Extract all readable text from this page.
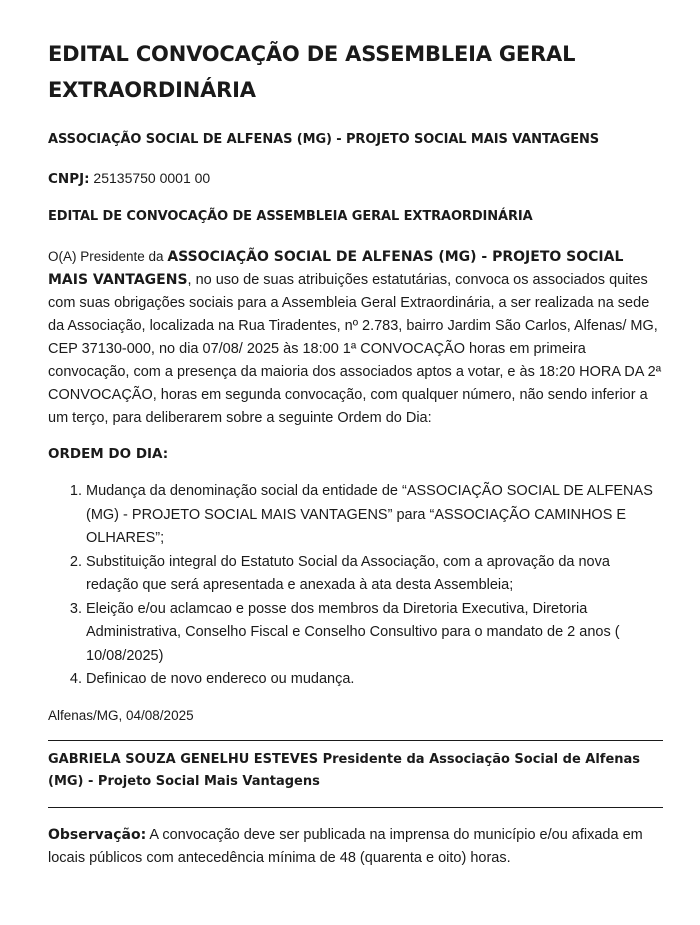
EDITAL CONVOCAÇÃO DE ASSEMBLEIA GERAL EXTRAORDINÁRIA
ASSOCIAÇÃO SOCIAL DE ALFENAS (MG) - PROJETO SOCIAL MAIS VANTAGENS
CNPJ: 25135750 0001 00
EDITAL DE CONVOCAÇÃO DE ASSEMBLEIA GERAL EXTRAORDINÁRIA

O(A) Presidente da ASSOCIAÇÃO SOCIAL DE ALFENAS (MG) - PROJETO SOCIAL MAIS VANTAGENS, no uso de suas atribuições estatutárias, convoca os associados quites com suas obrigações sociais para a Assembleia Geral Extraordinária, a ser realizada na sede da Associação, localizada na Rua Tiradentes, nº 2.783, bairro Jardim São Carlos, Alfenas/ MG, CEP 37130-000, no dia 07/08/ 2025 às 18:00 1ª CONVOCAÇÃO horas em primeira convocação, com a presença da maioria dos associados aptos a votar, e às 18:20 HORA DA 2ª CONVOCAÇÃO, horas em segunda convocação, com qualquer número, não sendo inferior a um terço, para deliberarem sobre a seguinte Ordem do Dia:

ORDEM DO DIA:
1. Mudança da denominação social da entidade de “ASSOCIAÇÃO SOCIAL DE ALFENAS (MG) - PROJETO SOCIAL MAIS VANTAGENS” para “ASSOCIAÇÃO CAMINHOS E OLHARES”;
2. Substituição integral do Estatuto Social da Associação, com a aprovação da nova redação que será apresentada e anexada à ata desta Assembleia;
3. Eleição e/ou aclamcao e posse dos membros da Diretoria Executiva, Diretoria Administrativa, Conselho Fiscal e Conselho Consultivo para o mandato de 2 anos ( 10/08/2025)
4. Definicao de novo endereco ou mudança.
Alfenas/MG, 04/08/2025
GABRIELA SOUZA GENELHU ESTEVES Presidente da Associação Social de Alfenas (MG) - Projeto Social Mais Vantagens

Observação: A convocação deve ser publicada na imprensa do município e/ou afixada em locais públicos com antecedência mínima de 48 (quarenta e oito) horas.
